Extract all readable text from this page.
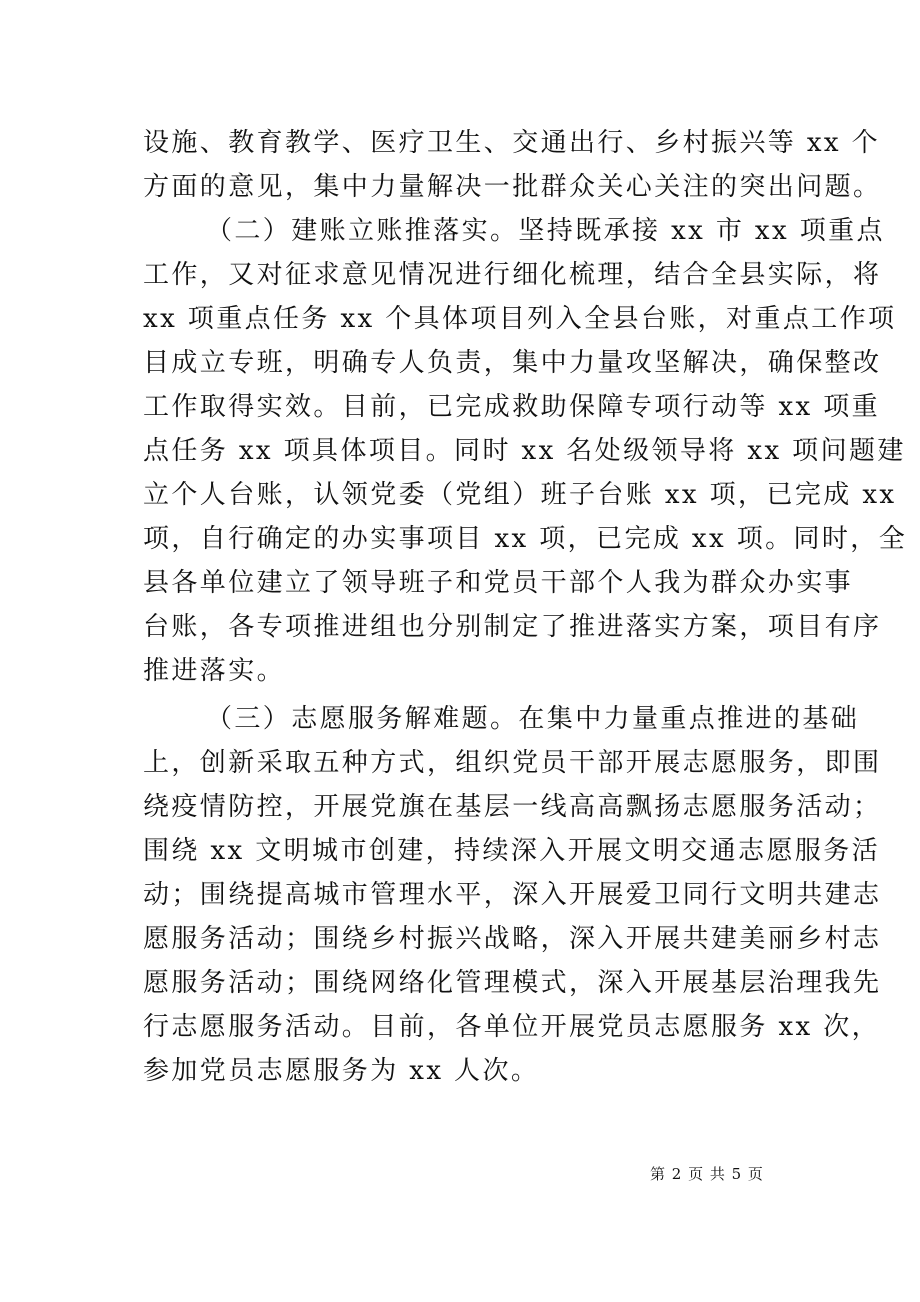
设施、教育教学、医疗卫生、交通出行、乡村振兴等 xx 个
方面的意见，集中力量解决一批群众关心关注的突出问题。
（二）建账立账推落实。坚持既承接 xx 市 xx 项重点
工作，又对征求意见情况进行细化梳理，结合全县实际，将
xx 项重点任务 xx 个具体项目列入全县台账，对重点工作项
目成立专班，明确专人负责，集中力量攻坚解决，确保整改
工作取得实效。目前，已完成救助保障专项行动等 xx 项重
点任务 xx 项具体项目。同时 xx 名处级领导将 xx 项问题建
立个人台账，认领党委（党组）班子台账 xx 项，已完成 xx
项，自行确定的办实事项目 xx 项，已完成 xx 项。同时，全
县各单位建立了领导班子和党员干部个人我为群众办实事
台账，各专项推进组也分别制定了推进落实方案，项目有序
推进落实。
（三）志愿服务解难题。在集中力量重点推进的基础
上，创新采取五种方式，组织党员干部开展志愿服务，即围
绕疫情防控，开展党旗在基层一线高高飘扬志愿服务活动；
围绕 xx 文明城市创建，持续深入开展文明交通志愿服务活
动；围绕提高城市管理水平，深入开展爱卫同行文明共建志
愿服务活动；围绕乡村振兴战略，深入开展共建美丽乡村志
愿服务活动；围绕网络化管理模式，深入开展基层治理我先
行志愿服务活动。目前，各单位开展党员志愿服务 xx 次，
参加党员志愿服务为 xx 人次。
第 2 页 共 5 页
